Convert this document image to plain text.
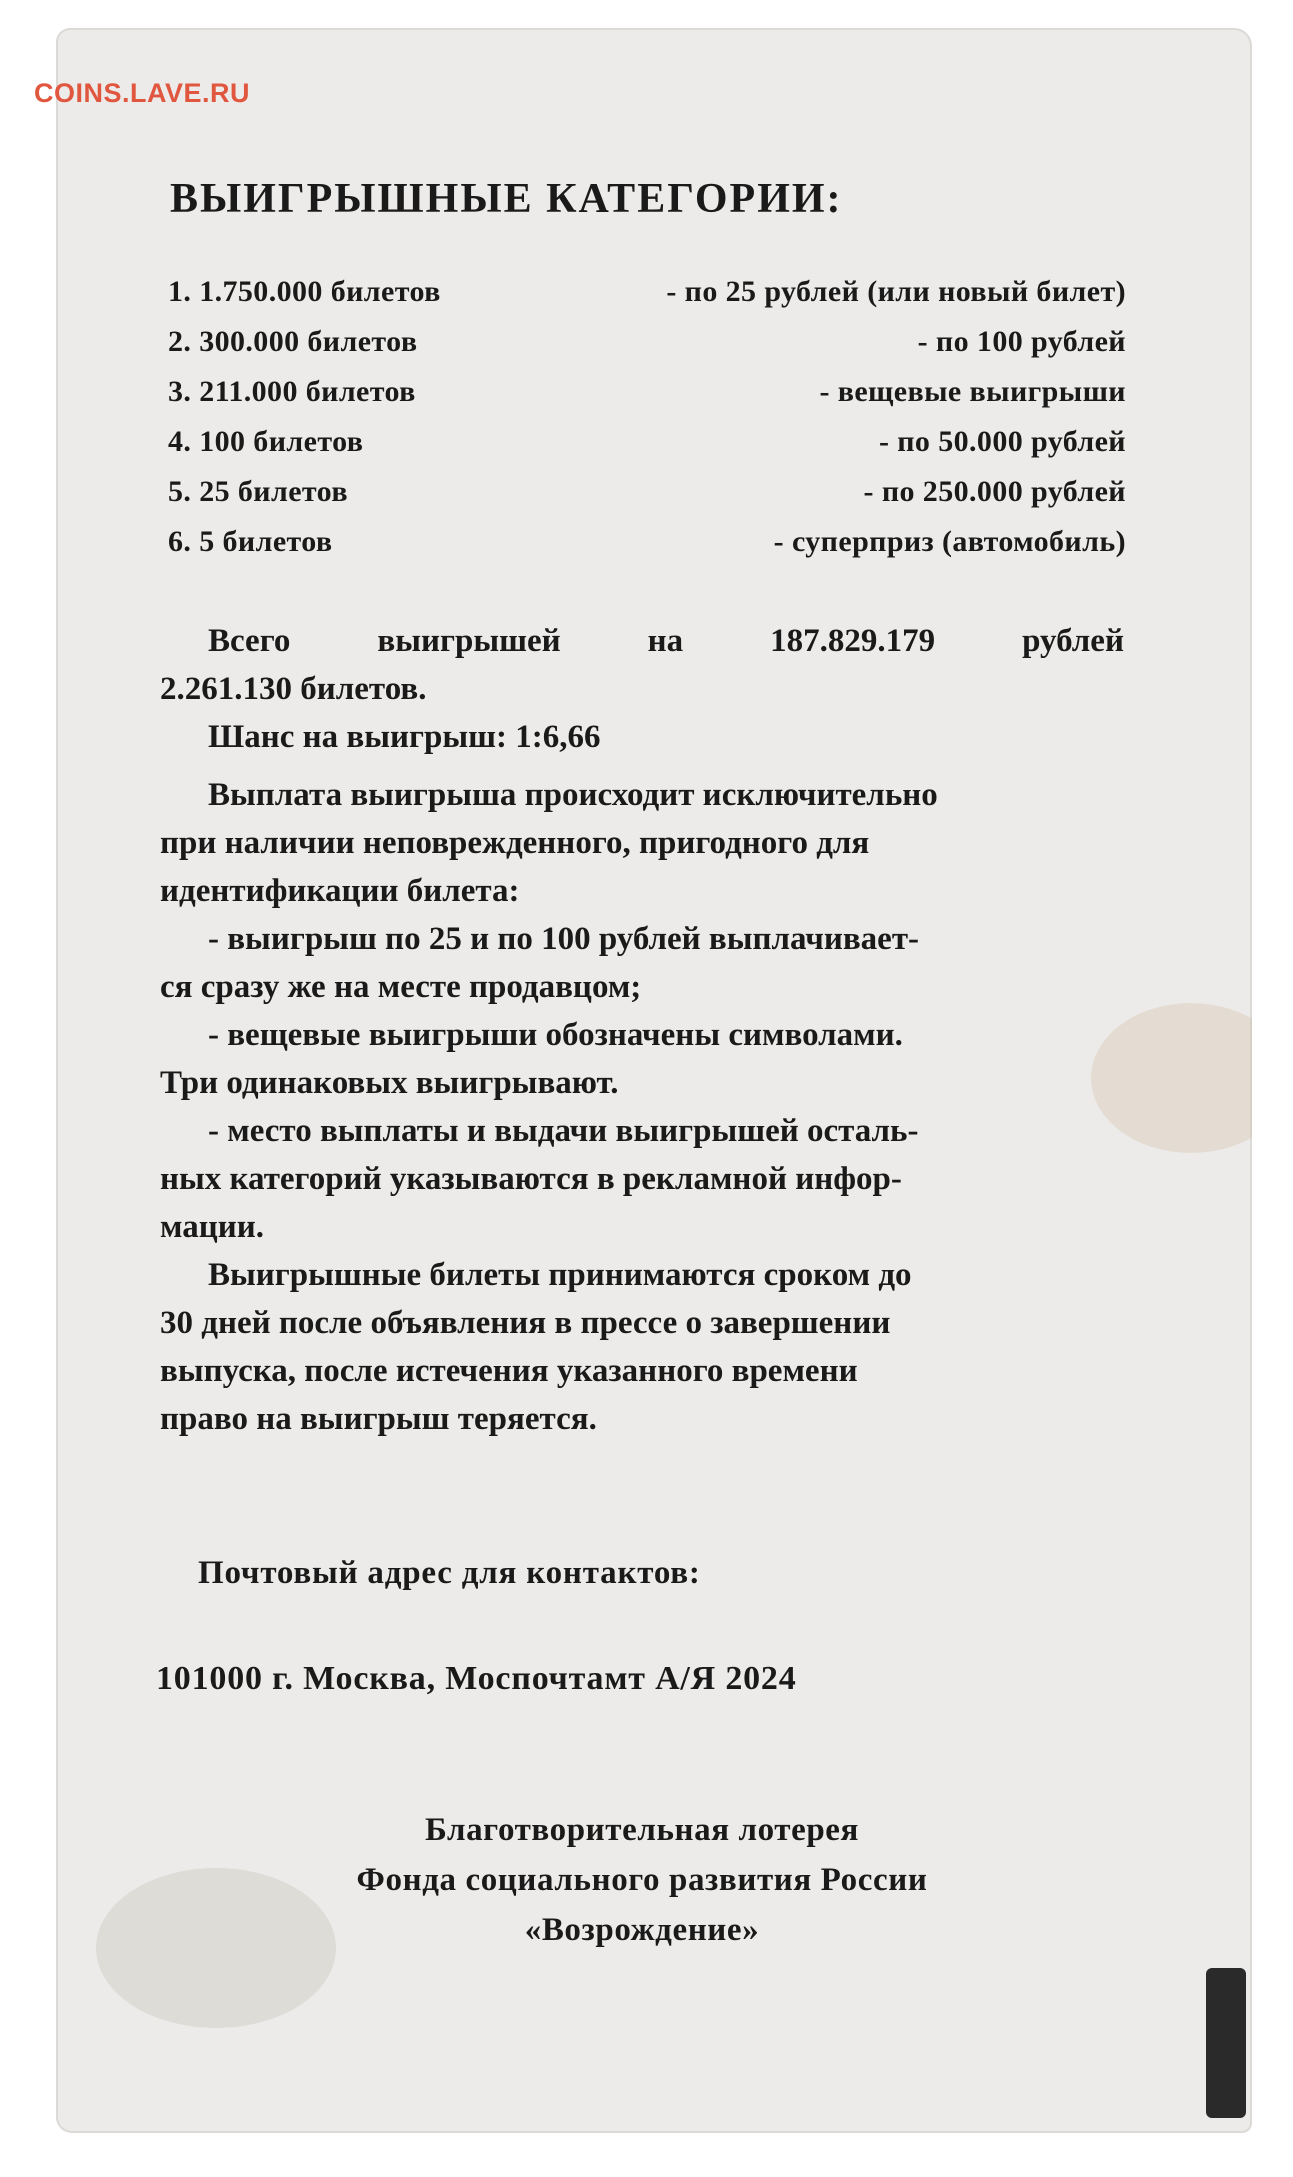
COINS.LAVE.RU
ВЫИГРЫШНЫЕ КАТЕГОРИИ:
1. 1.750.000 билетов	- по 25 рублей (или новый билет)
2. 300.000 билетов	- по 100 рублей
3. 211.000 билетов	- вещевые выигрыши
4. 100 билетов	- по 50.000 рублей
5. 25 билетов	- по 250.000 рублей
6. 5 билетов	- суперприз (автомобиль)
Всего	выигрышей	на	187.829.179	рублей
2.261.130 билетов.
Шанс на выигрыш: 1:6,66
Выплата выигрыша происходит исключительно
при наличии неповрежденного, пригодного для
идентификации билета:
- выигрыш по 25 и по 100 рублей выплачивает-
ся сразу же на месте продавцом;
- вещевые выигрыши обозначены символами.
Три одинаковых выигрывают.
- место выплаты и выдачи выигрышей осталь-
ных категорий указываются в рекламной инфор-
мации.
Выигрышные билеты принимаются сроком до
30 дней после объявления в прессе о завершении
выпуска, после истечения указанного времени
право на выигрыш теряется.

Почтовый адрес для контактов:

101000 г. Москва, Моспочтамт А/Я 2024

Благотворительная лотерея
Фонда социального развития России
«Возрождение»
